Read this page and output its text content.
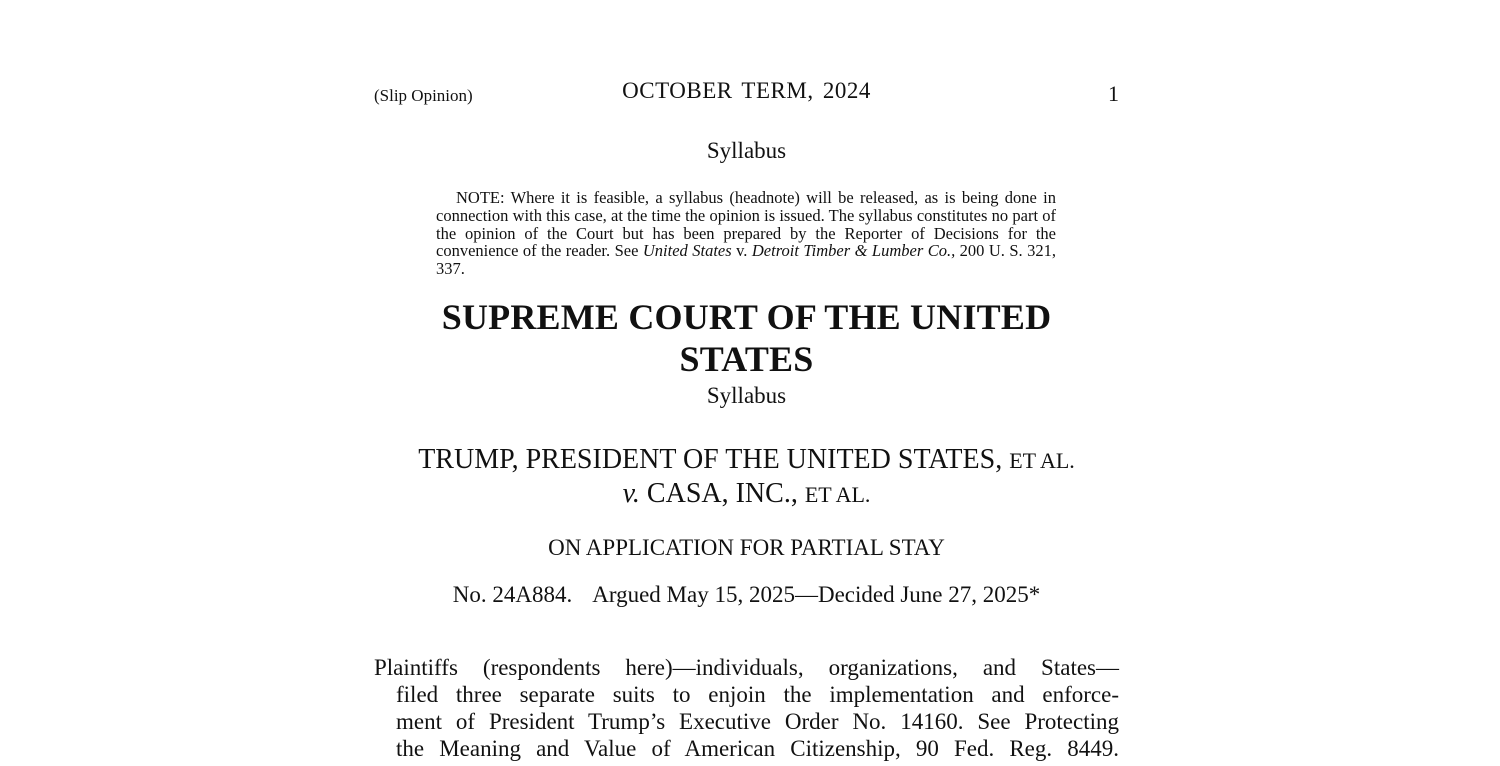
(Slip Opinion)	OCTOBER TERM, 2024	1
Syllabus
NOTE: Where it is feasible, a syllabus (headnote) will be released, as is being done in connection with this case, at the time the opinion is issued. The syllabus constitutes no part of the opinion of the Court but has been prepared by the Reporter of Decisions for the convenience of the reader. See United States v. Detroit Timber & Lumber Co., 200 U. S. 321, 337.
SUPREME COURT OF THE UNITED STATES
Syllabus
TRUMP, PRESIDENT OF THE UNITED STATES, ET AL.
v. CASA, INC., ET AL.
ON APPLICATION FOR PARTIAL STAY
No. 24A884. Argued May 15, 2025—Decided June 27, 2025*
Plaintiffs (respondents here)—individuals, organizations, and States—
filed three separate suits to enjoin the implementation and enforce-
ment of President Trump’s Executive Order No. 14160. See Protecting
the Meaning and Value of American Citizenship, 90 Fed. Reg. 8449.
